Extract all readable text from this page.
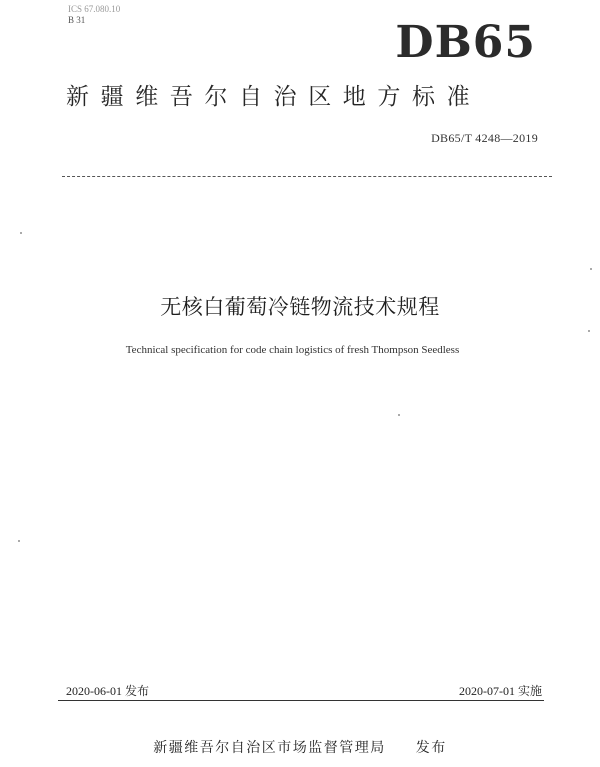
ICS 67.080.10
B 31	DB65
新疆维吾尔自治区地方标准
DB65/T 4248—2019
无核白葡萄冷链物流技术规程
Technical specification for code chain logistics of fresh Thompson Seedless
2020-06-01 发布	2020-07-01 实施
新疆维吾尔自治区市场监督管理局 发布
